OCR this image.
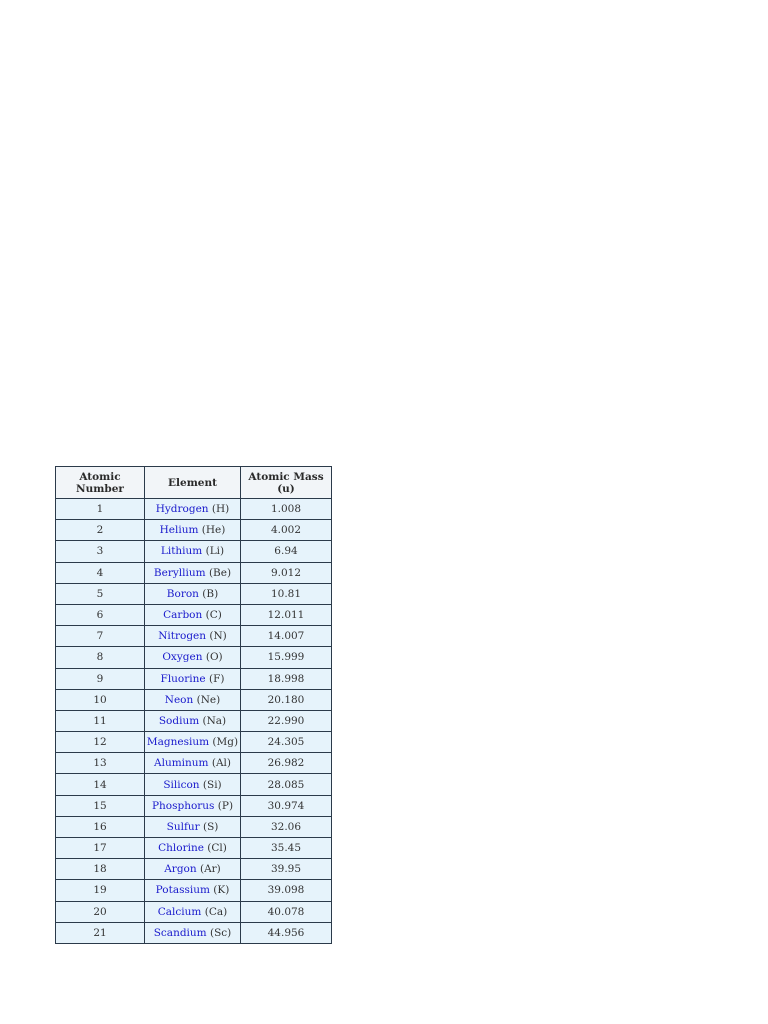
Atomic
Number	Element	Atomic Mass
(u)
1	Hydrogen (H)	1.008
2	Helium (He)	4.002
3	Lithium (Li)	6.94
4	Beryllium (Be)	9.012
5	Boron (B)	10.81
6	Carbon (C)	12.011
7	Nitrogen (N)	14.007
8	Oxygen (O)	15.999
9	Fluorine (F)	18.998
10	Neon (Ne)	20.180
11	Sodium (Na)	22.990
12	Magnesium (Mg)	24.305
13	Aluminum (Al)	26.982
14	Silicon (Si)	28.085
15	Phosphorus (P)	30.974
16	Sulfur (S)	32.06
17	Chlorine (Cl)	35.45
18	Argon (Ar)	39.95
19	Potassium (K)	39.098
20	Calcium (Ca)	40.078
21	Scandium (Sc)	44.956
